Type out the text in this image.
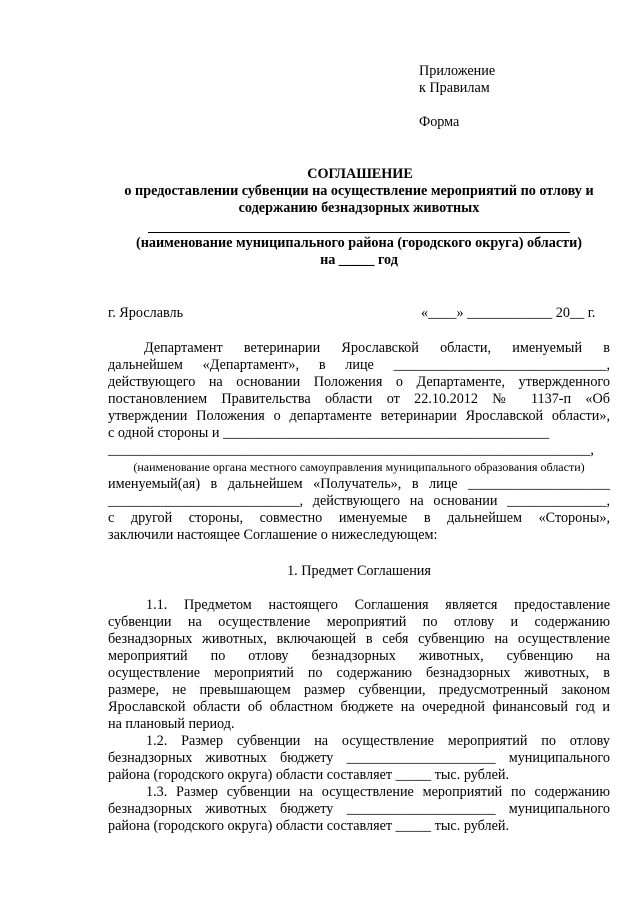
Приложение
к Правилам
Форма
СОГЛАШЕНИЕ
о предоставлении субвенции на осуществление мероприятий по отлову и
содержанию безнадзорных животных
(наименование муниципального района (городского округа) области)
на _____ год
г. Ярославль	«____» ____________ 20__ г.
Департамент ветеринарии Ярославской области, именуемый в
дальнейшем «Департамент», в лице ______________________________,
действующего на основании Положения о Департаменте, утвержденного
постановлением Правительства области от 22.10.2012 № 1137-п «Об
утверждении Положения о департаменте ветеринарии Ярославской области»,
с одной стороны и ______________________________________________
____________________________________________________________________,
(наименование органа местного самоуправления муниципального образования области)
именуемый(ая) в дальнейшем «Получатель», в лице ____________________
___________________________, действующего на основании ______________,
с другой стороны, совместно именуемые в дальнейшем «Стороны»,
заключили настоящее Соглашение о нижеследующем:
1. Предмет Соглашения
1.1. Предметом настоящего Соглашения является предоставление
субвенции на осуществление мероприятий по отлову и содержанию
безнадзорных животных, включающей в себя субвенцию на осуществление
мероприятий по отлову безнадзорных животных, субвенцию на
осуществление мероприятий по содержанию безнадзорных животных, в
размере, не превышающем размер субвенции, предусмотренный законом
Ярославской области об областном бюджете на очередной финансовый год и
на плановый период.
1.2. Размер субвенции на осуществление мероприятий по отлову
безнадзорных животных бюджету _____________________ муниципального
района (городского округа) области составляет _____ тыс. рублей.
1.3. Размер субвенции на осуществление мероприятий по содержанию
безнадзорных животных бюджету _____________________ муниципального
района (городского округа) области составляет _____ тыс. рублей.
